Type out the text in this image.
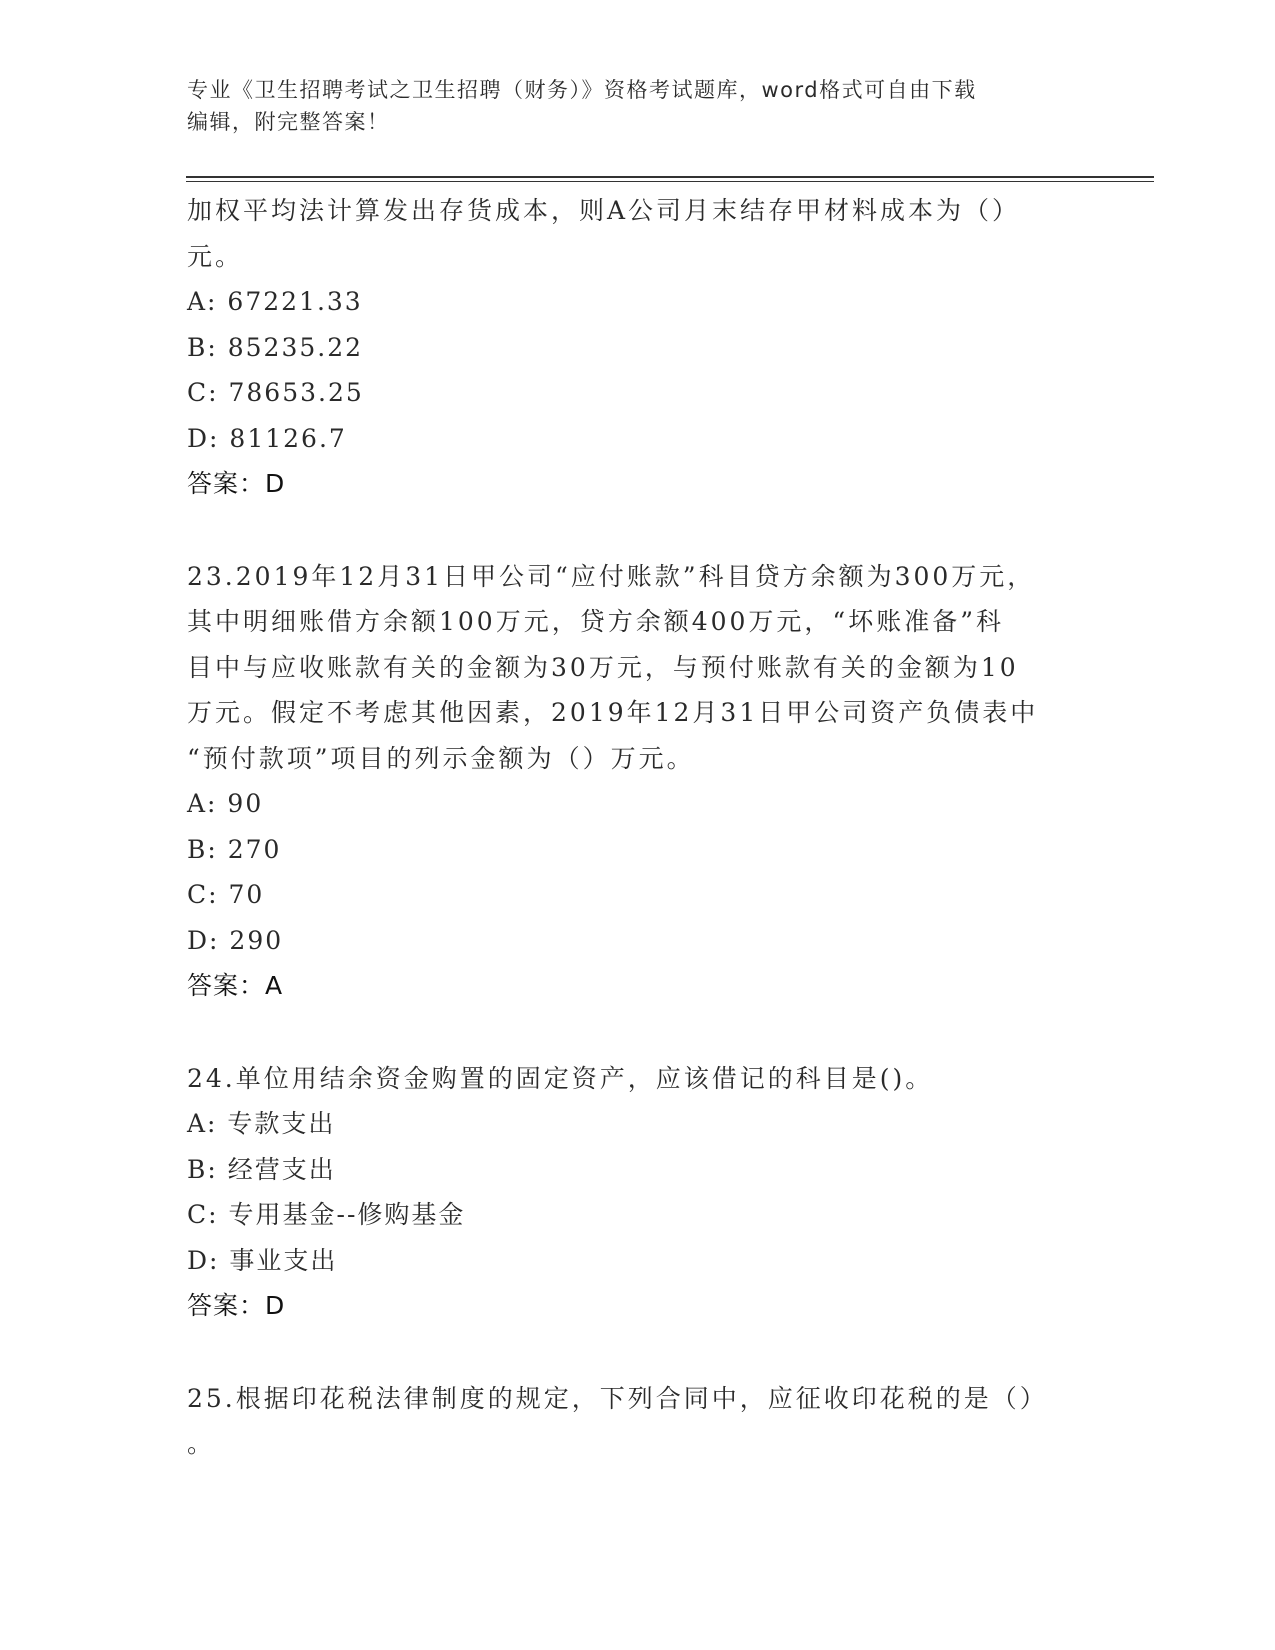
专业《卫生招聘考试之卫生招聘（财务）》资格考试题库，word格式可自由下载
编辑，附完整答案！

加权平均法计算发出存货成本，则A公司月末结存甲材料成本为（）

元。

A: 67221.33

B: 85235.22

C: 78653.25

D: 81126.7

答案：D

23.2019年12月31日甲公司“应付账款”科目贷方余额为300万元，

其中明细账借方余额100万元，贷方余额400万元，“坏账准备”科

目中与应收账款有关的金额为30万元，与预付账款有关的金额为10

万元。假定不考虑其他因素，2019年12月31日甲公司资产负债表中

“预付款项”项目的列示金额为（）万元。

A: 90

B: 270

C: 70

D: 290

答案：A

24.单位用结余资金购置的固定资产，应该借记的科目是()。

A: 专款支出

B: 经营支出

C: 专用基金--修购基金

D: 事业支出

答案：D

25.根据印花税法律制度的规定，下列合同中，应征收印花税的是（）

。
